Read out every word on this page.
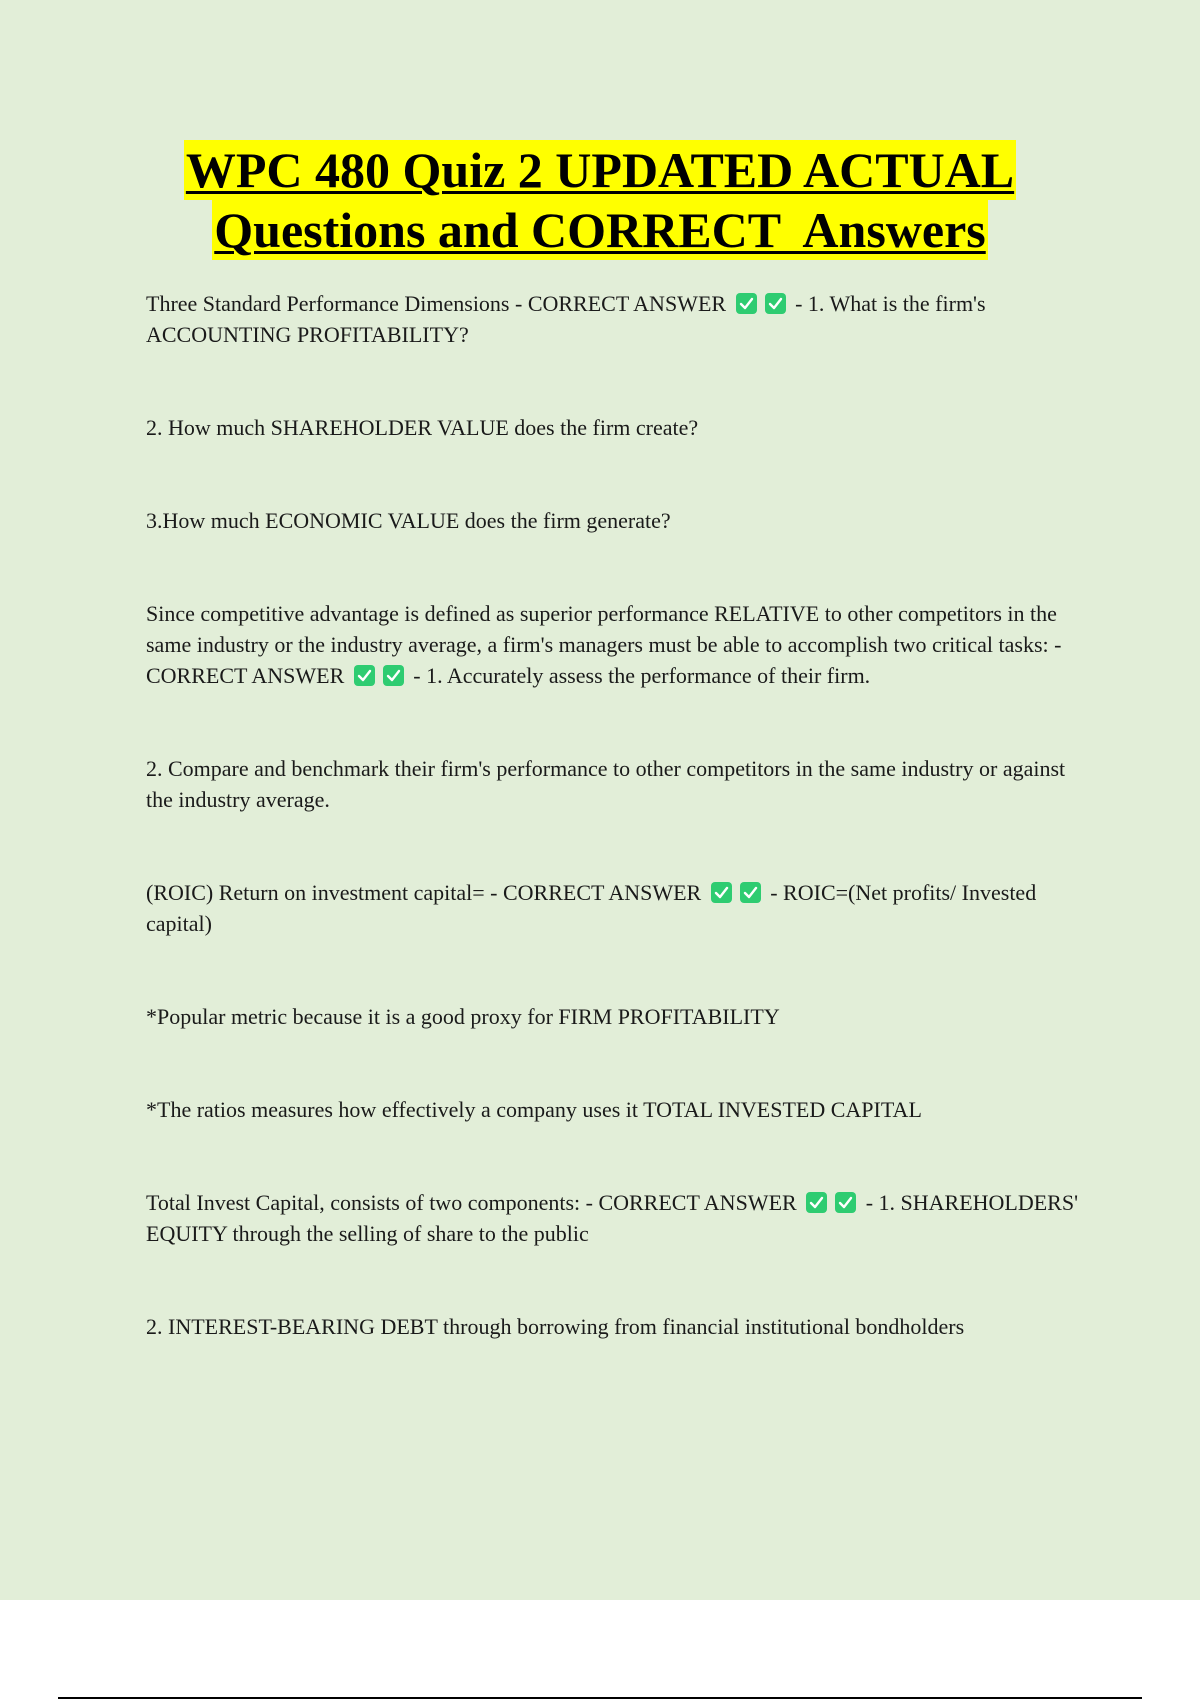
WPC 480 Quiz 2 UPDATED ACTUAL
Questions and CORRECT  Answers

Three Standard Performance Dimensions - CORRECT ANSWER	- 1. What is the firm's ACCOUNTING PROFITABILITY?

2. How much SHAREHOLDER VALUE does the firm create?

3.How much ECONOMIC VALUE does the firm generate?

Since competitive advantage is defined as superior performance RELATIVE to other competitors in the same industry or the industry average, a firm's managers must be able to accomplish two critical tasks: - CORRECT ANSWER	- 1. Accurately assess the performance of their firm.

2. Compare and benchmark their firm's performance to other competitors in the same industry or against the industry average.

(ROIC) Return on investment capital= - CORRECT ANSWER	- ROIC=(Net profits/ Invested capital)

*Popular metric because it is a good proxy for FIRM PROFITABILITY

*The ratios measures how effectively a company uses it TOTAL INVESTED CAPITAL

Total Invest Capital, consists of two components: - CORRECT ANSWER	- 1. SHAREHOLDERS' EQUITY through the selling of share to the public

2. INTEREST-BEARING DEBT through borrowing from financial institutional bondholders
